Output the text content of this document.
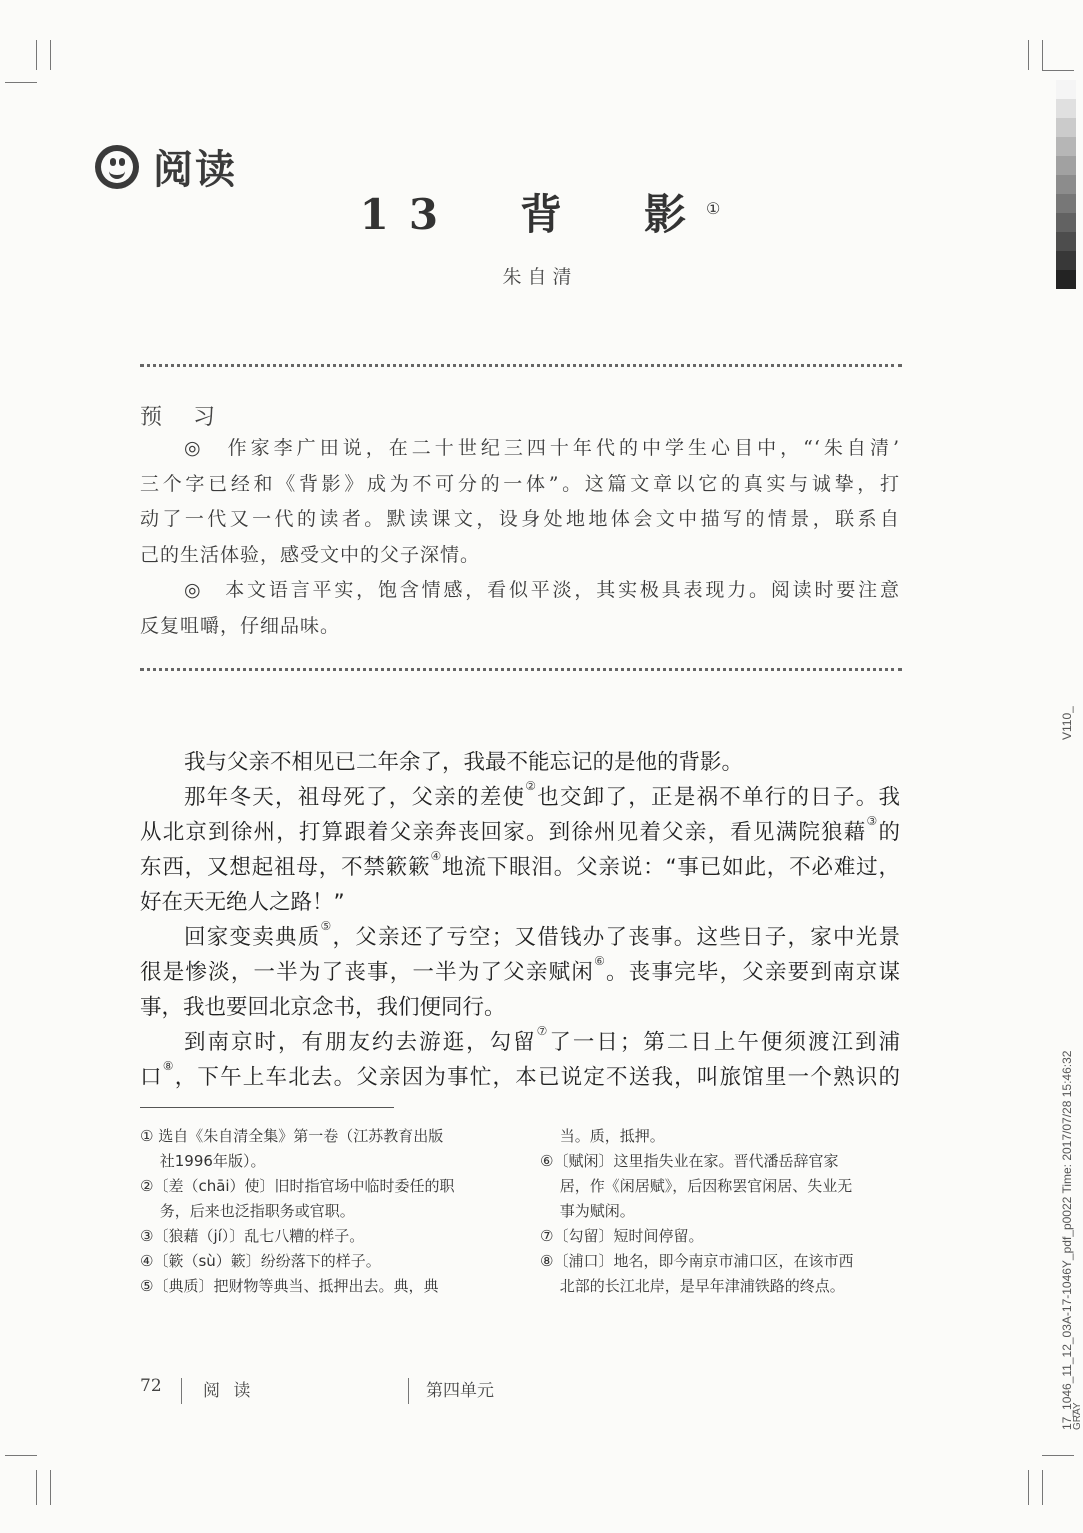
阅读
13　背　影①
朱自清
预 习
◎　作家李广田说，在二十世纪三四十年代的中学生心目中，“‘朱自清’
三个字已经和《背影》成为不可分的一体”。这篇文章以它的真实与诚挚，打
动了一代又一代的读者。默读课文，设身处地地体会文中描写的情景，联系自
己的生活体验，感受文中的父子深情。
◎　本文语言平实，饱含情感，看似平淡，其实极具表现力。阅读时要注意
反复咀嚼，仔细品味。
我与父亲不相见已二年余了，我最不能忘记的是他的背影。
那年冬天，祖母死了，父亲的差使②也交卸了，正是祸不单行的日子。我
从北京到徐州，打算跟着父亲奔丧回家。到徐州见着父亲，看见满院狼藉③的
东西，又想起祖母，不禁簌簌④地流下眼泪。父亲说：“事已如此，不必难过，
好在天无绝人之路！”
回家变卖典质⑤，父亲还了亏空；又借钱办了丧事。这些日子，家中光景
很是惨淡，一半为了丧事，一半为了父亲赋闲⑥。丧事完毕，父亲要到南京谋
事，我也要回北京念书，我们便同行。
到南京时，有朋友约去游逛，勾留⑦了一日；第二日上午便须渡江到浦
口⑧，下午上车北去。父亲因为事忙，本已说定不送我，叫旅馆里一个熟识的
① 选自《朱自清全集》第一卷（江苏教育出版
　 社1996年版）。
②〔差（chāi）使〕旧时指官场中临时委任的职
　 务，后来也泛指职务或官职。
③〔狼藉（jí）〕乱七八糟的样子。
④〔簌（sù）簌〕纷纷落下的样子。
⑤〔典质〕把财物等典当、抵押出去。典，典
　 当。质，抵押。
⑥〔赋闲〕这里指失业在家。晋代潘岳辞官家
　 居，作《闲居赋》，后因称罢官闲居、失业无
　 事为赋闲。
⑦〔勾留〕短时间停留。
⑧〔浦口〕地名，即今南京市浦口区，在该市西
　 北部的长江北岸，是早年津浦铁路的终点。
72 阅 读	第四单元
V110_
17_1046_11_12_03A-17-1046Y_pdf_p0022 Time: 2017/07/28 15:46:32
GRAY
